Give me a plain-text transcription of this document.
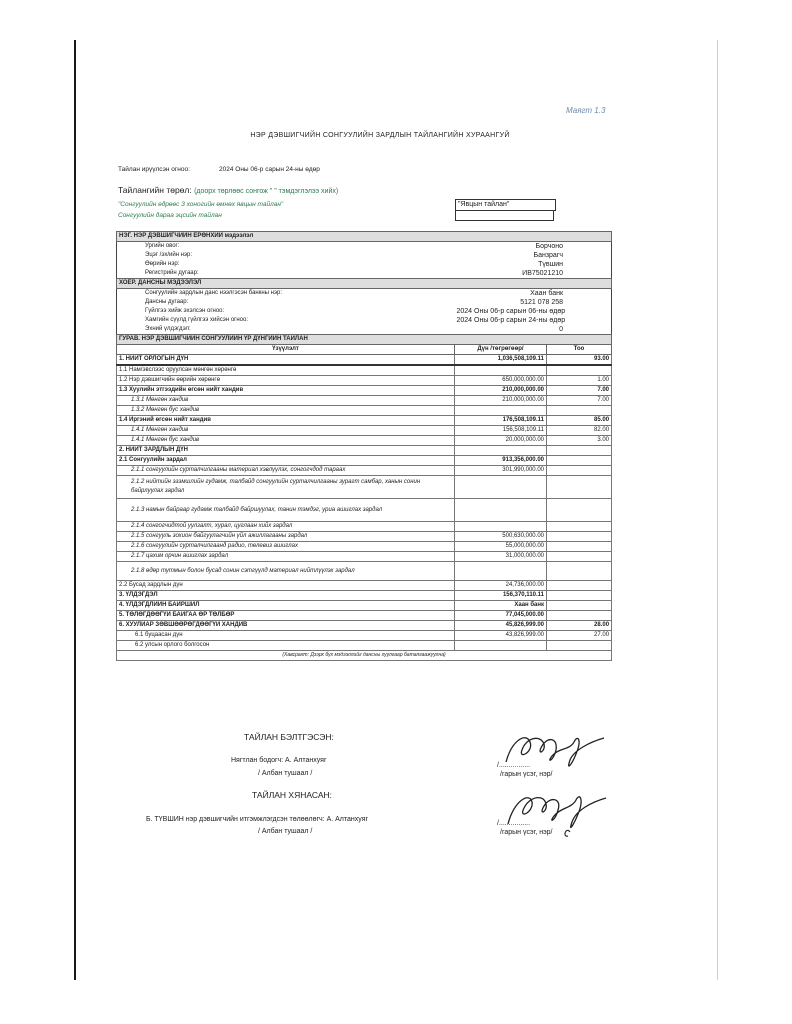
Маягт 1.3
НЭР ДЭВШИГЧИЙН СОНГУУЛИЙН ЗАРДЛЫН ТАЙЛАНГИЙН ХУРААНГУЙ
Тайлан ирүүлсэн огноо:	2024 Оны 06-р сарын 24-ны өдөр
Тайлангийн төрөл: (доорх төрлөөс сонгож " " тэмдэглэлээ хийх)
"Сонгуулийн өдрөөс 3 хоногийн өмнөх явцын тайлан"
Сонгуулийн дараа эцсийн тайлан
"Явцын тайлан"
НЭГ. НЭР ДЭВШИГЧИЙН ЕРӨНХИЙ мэдээлэл		
Ургийн овог:	Борчоно	
Эцэг /эх/ийн нэр:	Банзрагч	
Өөрийн нэр:	Түвшин	
Регистрийн дугаар:	ИВ75021210	
ХОЁР. ДАНСНЫ МЭДЭЭЛЭЛ		
Сонгуулийн зардлын данс нээлгэсэн банкны нэр:	Хаан банк	
Дансны дугаар:	5121 078 258	
Гүйлгээ хийж эхэлсэн огноо:	2024 Оны 06-р сарын 06-ны өдөр	
Хамгийн сүүлд гүйлгээ хийсэн огноо:	2024 Оны 06-р сарын 24-ны өдөр	
Эхний үлдэгдэл:	0	
ГУРАВ. НЭР ДЭВШИГЧИЙН СОНГУУЛИЙН ҮР ДҮНГИЙН ТАЙЛАН		
Үзүүлэлт	Дүн /төгрөгөөр/	Тоо
1. НИЙТ ОРЛОГЫН ДҮН	1,036,508,109.11	93.00
1.1 Нам/эвслээс оруулсан мөнгөн хөрөнгө		
1.2 Нэр дэвшигчийн өөрийн хөрөнгө	650,000,000.00	1.00
1.3 Хуулийн этгээдийн өгсөн нийт хандив	210,000,000.00	7.00
1.3.1 Мөнгөн хандив	210,000,000.00	7.00
1.3.2 Мөнгөн бус хандив		
1.4 Иргэний өгсөн нийт хандив	176,508,109.11	85.00
1.4.1 Мөнгөн хандив	156,508,109.11	82.00
1.4.1 Мөнгөн бус хандив	20,000,000.00	3.00
2. НИЙТ ЗАРДЛЫН ДҮН		
2.1 Сонгуулийн зардал	913,356,000.00	
2.1.1 сонгуулийн сурталчилгааны материал хэвлүүлэх, сонгогчдод тараах	301,990,000.00	
2.1.2 нийтийн эзэмшлийн гудамж, талбайд сонгуулийн сурталчилгааны зурагт самбар, ханын сонин байрлуулах зардал		
2.1.3 намын байраар гудамж талбайд байршуулах, танин тэмдэг, уриа ашиглах зардал		
2.1.4 сонгогчидтой уулзалт, хурал, цуглаан хийх зардал		
2.1.5 сонгууль зохион байгуулагчийн үйл ажиллагааны зардал	500,630,000.00	
2.1.6 сонгуулийн сурталчилгаанд радио, телевиз ашиглах	55,000,000.00	
2.1.7 цахим орчин ашиглах зардал	31,000,000.00	
2.1.8 өдөр тутмын болон бусад сонин сэтгүүлд материал нийтлүүлэх зардал		
2.2 Бусад зардлын дүн	24,736,000.00	
3. ҮЛДЭГДЭЛ	156,370,110.11	
4. ҮЛДЭГДЛИЙН БАЙРШИЛ	Хаан банк	
5. ТӨЛӨГДӨӨГҮЙ БАЙГАА ӨР ТӨЛБӨР	77,045,000.00	
6. ХУУЛИАР ЗӨВШӨӨРӨГДӨӨГҮЙ ХАНДИВ	45,826,999.00	28.00
6.1 буцаасан дүн	43,826,999.00	27.00
6.2 улсын орлого болгосон		
(Хавсралт: Дээрх бүх мэдээллийг дансны хуулгаар баталгаажуулна)		
ТАЙЛАН БЭЛТГЭСЭН:
Нягтлан бодогч: А. Алтанхуяг
/ Албан тушаал /
ТАЙЛАН ХЯНАСАН:
Б. ТҮВШИН нэр дэвшигчийн итгэмжлэгдсэн төлөөлөгч: А. Алтанхуяг
/ Албан тушаал /
/................
/гарын үсэг, нэр/
/................
/гарын үсэг, нэр/
